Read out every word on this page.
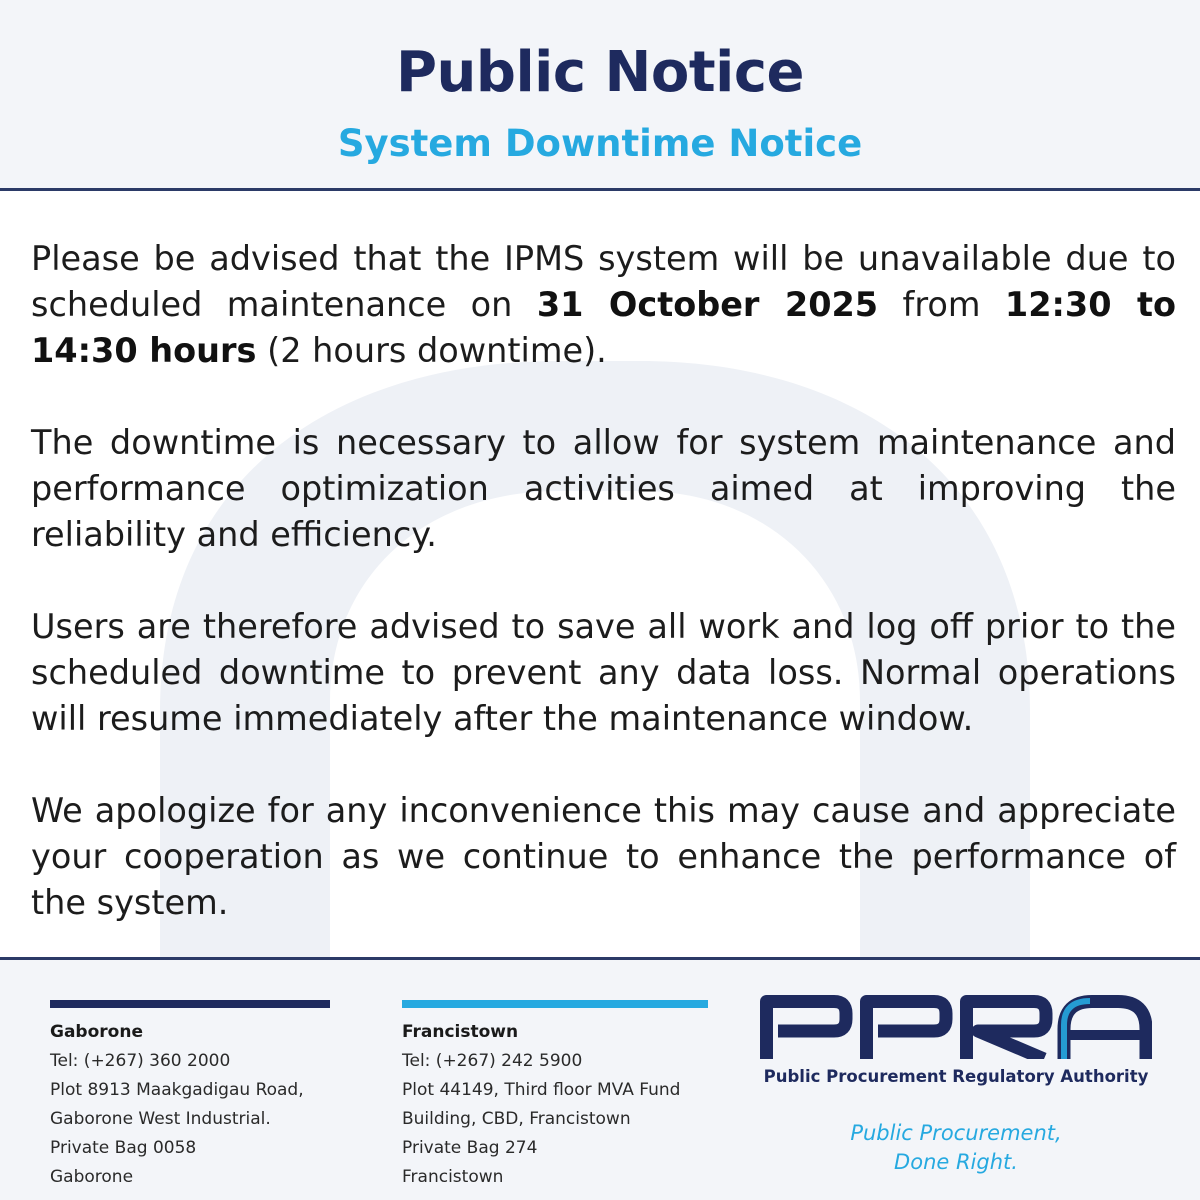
Public Notice
System Downtime Notice

Please be advised that the IPMS system will be unavailable due to scheduled maintenance on 31 October 2025 from 12:30 to 14:30 hours (2 hours downtime).

The downtime is necessary to allow for system maintenance and performance optimization activities aimed at improving the reliability and efficiency.

Users are therefore advised to save all work and log off prior to the scheduled downtime to prevent any data loss. Normal operations will resume immediately after the maintenance window.

We apologize for any inconvenience this may cause and appreciate your cooperation as we continue to enhance the performance of the system.

Gaborone
Tel: (+267) 360 2000
Plot 8913 Maakgadigau Road,
Gaborone West Industrial.
Private Bag 0058
Gaborone
Francistown
Tel: (+267) 242 5900
Plot 44149, Third floor MVA Fund
Building, CBD, Francistown
Private Bag 274
Francistown
Public Procurement Regulatory Authority
Public Procurement,
Done Right.
